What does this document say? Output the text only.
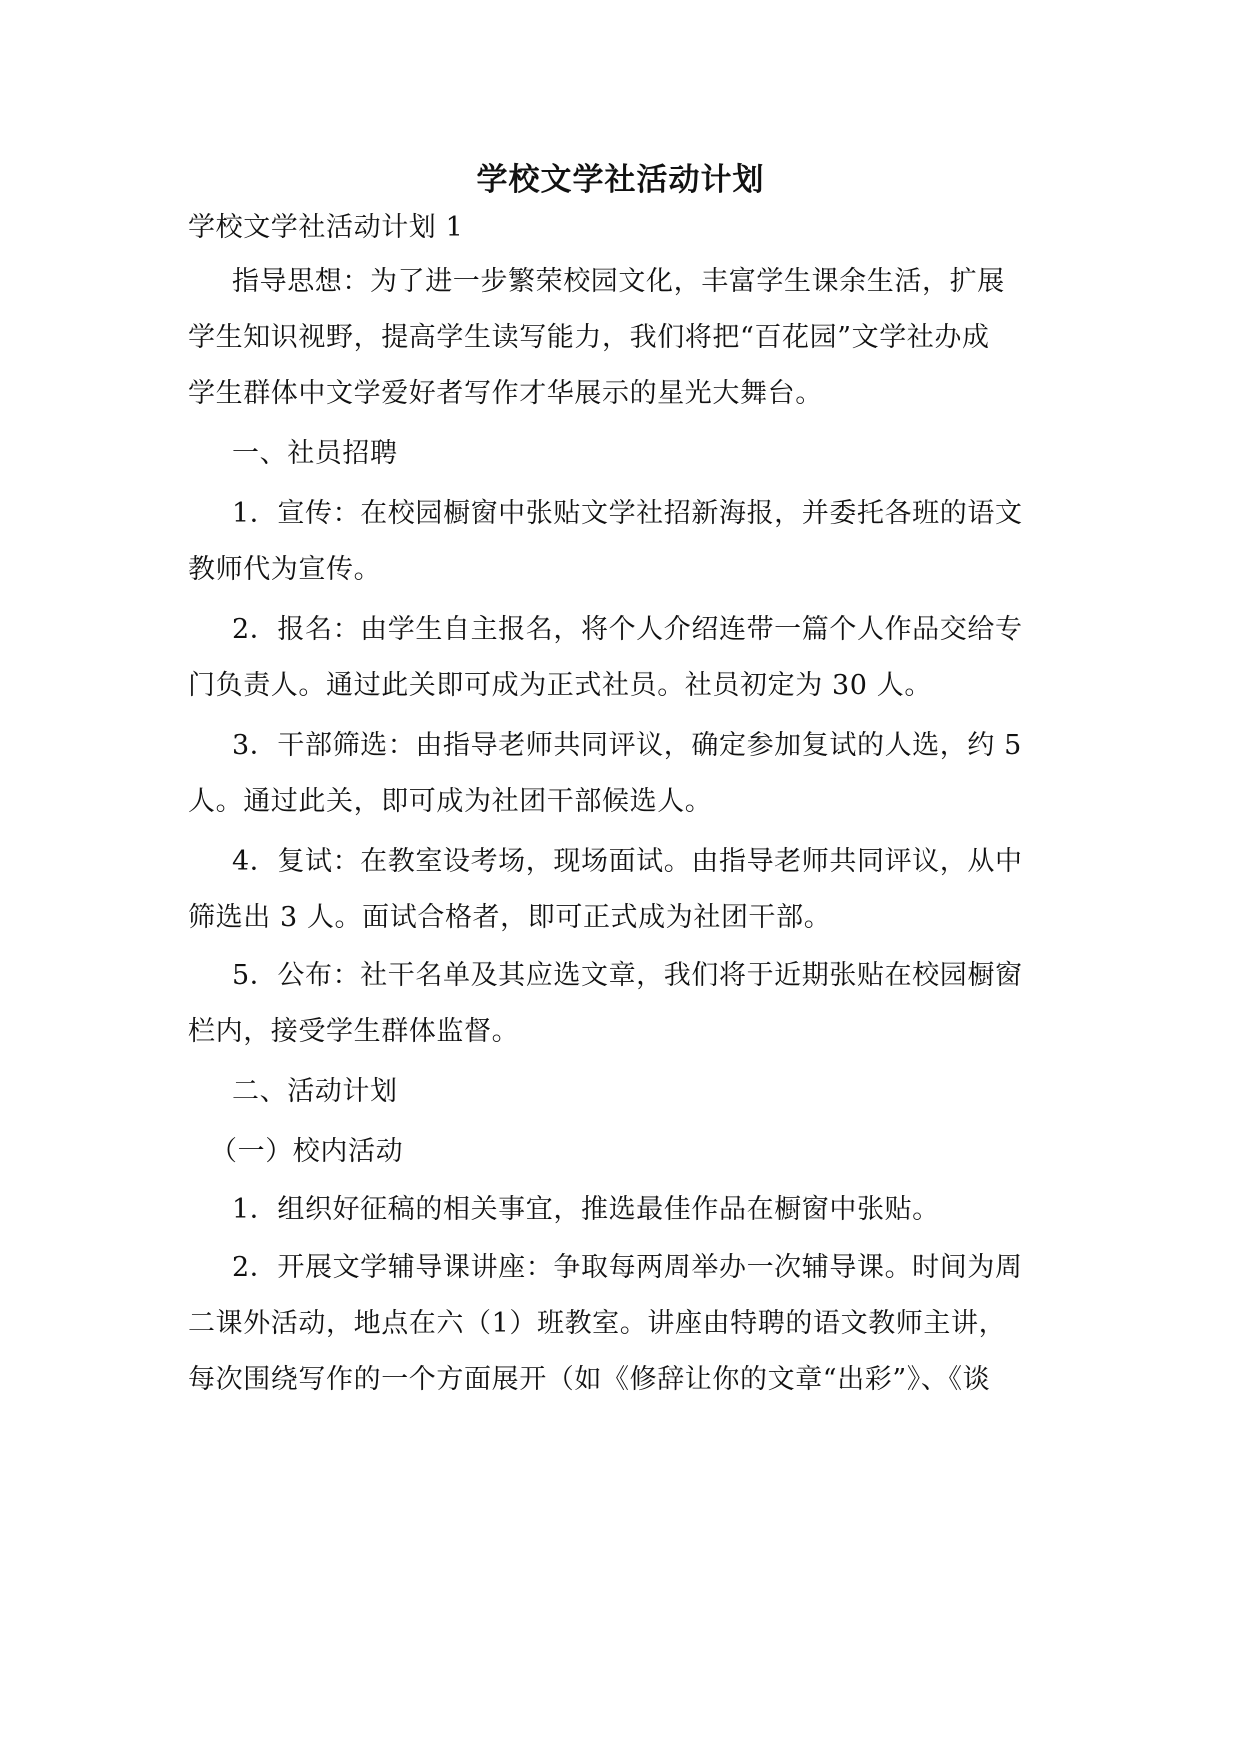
学校文学社活动计划
学校文学社活动计划 1
指导思想：为了进一步繁荣校园文化，丰富学生课余生活，扩展
学生知识视野，提高学生读写能力，我们将把“百花园”文学社办成
学生群体中文学爱好者写作才华展示的星光大舞台。
一、社员招聘
1．宣传：在校园橱窗中张贴文学社招新海报，并委托各班的语文
教师代为宣传。
2．报名：由学生自主报名，将个人介绍连带一篇个人作品交给专
门负责人。通过此关即可成为正式社员。社员初定为 30 人。
3．干部筛选：由指导老师共同评议，确定参加复试的人选，约 5
人。通过此关，即可成为社团干部候选人。
4．复试：在教室设考场，现场面试。由指导老师共同评议，从中
筛选出 3 人。面试合格者，即可正式成为社团干部。
5．公布：社干名单及其应选文章，我们将于近期张贴在校园橱窗
栏内，接受学生群体监督。
二、活动计划
（一）校内活动
1．组织好征稿的相关事宜，推选最佳作品在橱窗中张贴。
2．开展文学辅导课讲座：争取每两周举办一次辅导课。时间为周
二课外活动，地点在六（1）班教室。讲座由特聘的语文教师主讲，
每次围绕写作的一个方面展开（如《修辞让你的文章“出彩”》、《谈
